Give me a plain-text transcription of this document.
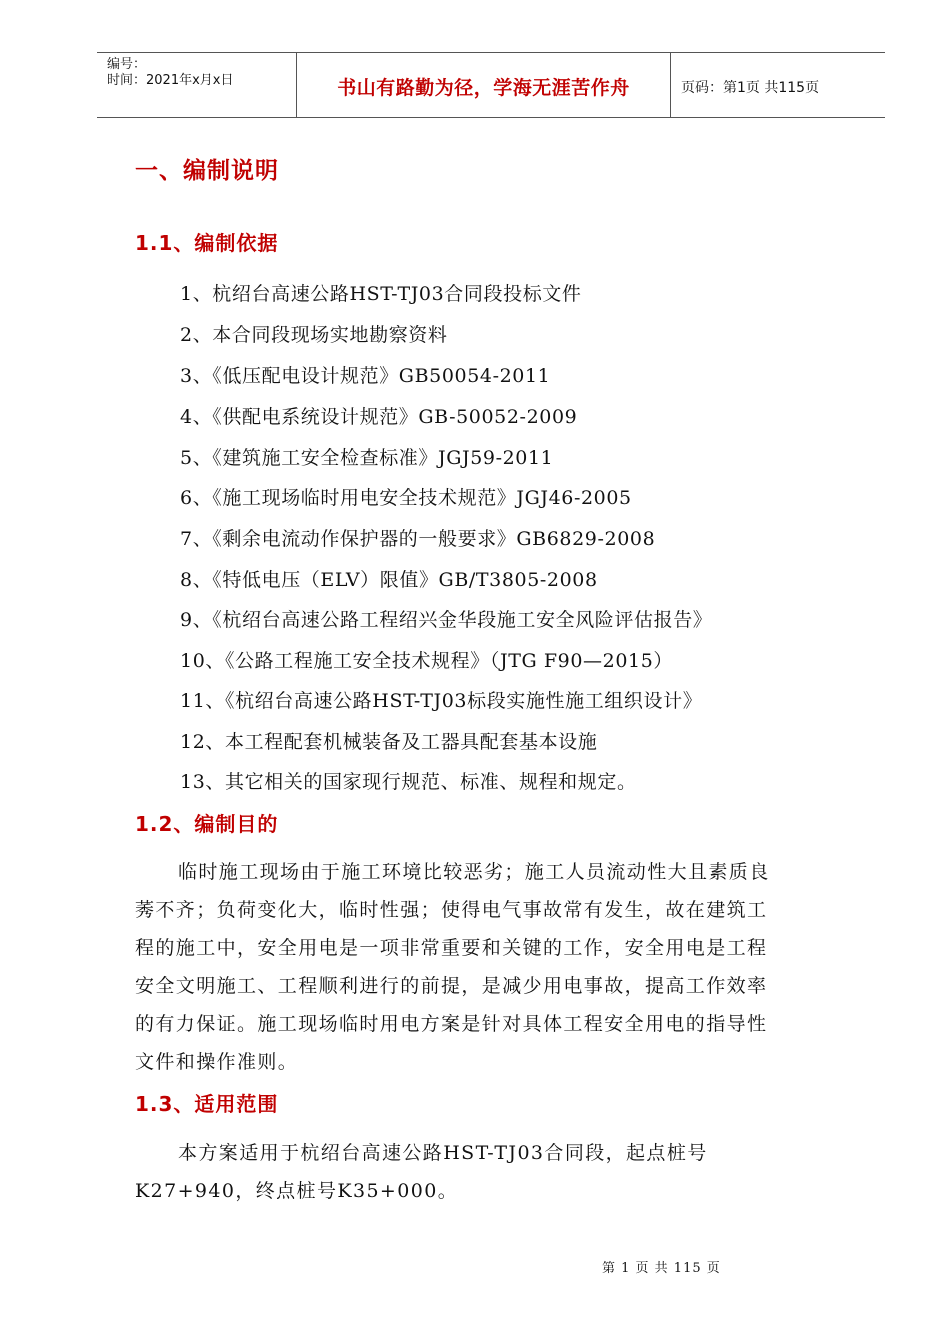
编号：
时间：2021年x月x日	书山有路勤为径，学海无涯苦作舟	页码：第1页 共115页
一、编制说明
1.1、编制依据
1、杭绍台高速公路HST-TJ03合同段投标文件
2、本合同段现场实地勘察资料
3、《低压配电设计规范》GB50054-2011
4、《供配电系统设计规范》GB-50052-2009
5、《建筑施工安全检查标准》JGJ59-2011
6、《施工现场临时用电安全技术规范》JGJ46-2005
7、《剩余电流动作保护器的一般要求》GB6829-2008
8、《特低电压（ELV）限值》GB/T3805-2008
9、《杭绍台高速公路工程绍兴金华段施工安全风险评估报告》
10、《公路工程施工安全技术规程》（JTG F90—2015）
11、《杭绍台高速公路HST-TJ03标段实施性施工组织设计》
12、本工程配套机械装备及工器具配套基本设施
13、其它相关的国家现行规范、标准、规程和规定。
1.2、编制目的
临时施工现场由于施工环境比较恶劣；施工人员流动性大且素质良
莠不齐；负荷变化大，临时性强；使得电气事故常有发生，故在建筑工
程的施工中，安全用电是一项非常重要和关键的工作，安全用电是工程
安全文明施工、工程顺利进行的前提，是减少用电事故，提高工作效率
的有力保证。施工现场临时用电方案是针对具体工程安全用电的指导性
文件和操作准则。
1.3、适用范围
本方案适用于杭绍台高速公路HST-TJ03合同段，起点桩号
K27+940，终点桩号K35+000。
第 1 页 共 115 页
